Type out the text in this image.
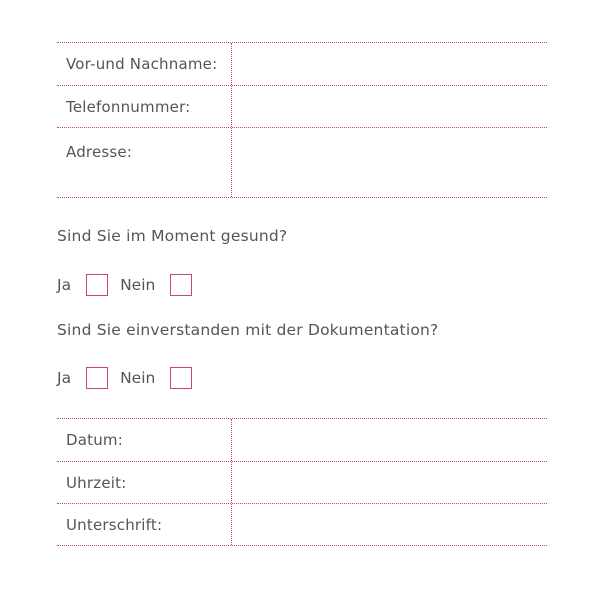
Vor-und Nachname:
Telefonnummer:
Adresse:
Sind Sie im Moment gesund?
Ja	Nein
Sind Sie einverstanden mit der Dokumentation?
Ja	Nein
Datum:
Uhrzeit:
Unterschrift:
